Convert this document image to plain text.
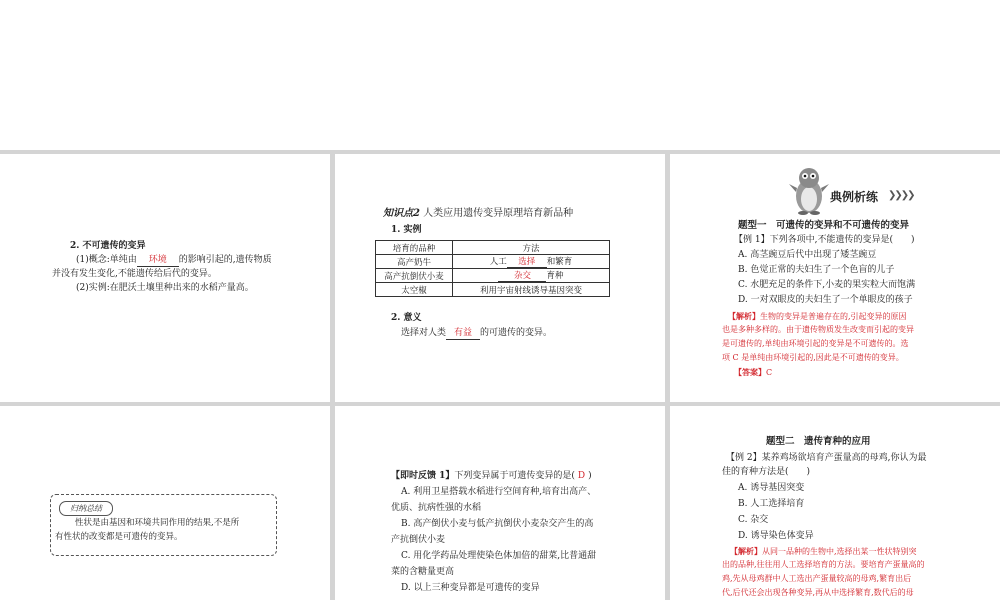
2. 不可遗传的变异
(1)概念:单纯由 环境 的影响引起的,遗传物质
并没有发生变化,不能遗传给后代的变异。
(2)实例:在肥沃土壤里种出来的水稻产量高。
知识点2 人类应用遗传变异原理培育新品种
1. 实例
培育的品种	方法
高产奶牛	人工 选择 和繁育
高产抗倒伏小麦	杂交 育种
太空椒	利用宇宙射线诱导基因突变
2. 意义
选择对人类 有益 的可遗传的变异。
典例析练 ❯❯❯❯
题型一　可遗传的变异和不可遗传的变异
【例 1】下列各项中,不能遗传的变异是(　　)
A. 高茎豌豆后代中出现了矮茎豌豆
B. 色觉正常的夫妇生了一个色盲的儿子
C. 水肥充足的条件下,小麦的果实粒大而饱满
D. 一对双眼皮的夫妇生了一个单眼皮的孩子
【解析】生物的变异是普遍存在的,引起变异的原因
也是多种多样的。由于遗传物质发生改变而引起的变异
是可遗传的,单纯由环境引起的变异是不可遗传的。选
项 C 是单纯由环境引起的,因此是不可遗传的变异。
【答案】C
归纳总结
性状是由基因和环境共同作用的结果,不是所
有性状的改变都是可遗传的变异。
【即时反馈 1】下列变异属于可遗传变异的是( D )
A. 利用卫星搭载水稻进行空间育种,培育出高产、
优质、抗病性强的水稻
B. 高产倒伏小麦与低产抗倒伏小麦杂交产生的高
产抗倒伏小麦
C. 用化学药品处理使染色体加倍的甜菜,比普通甜
菜的含糖量更高
D. 以上三种变异都是可遗传的变异
题型二　遗传育种的应用
【例 2】某养鸡场欲培育产蛋量高的母鸡,你认为最
佳的育种方法是(　　)
A. 诱导基因突变
B. 人工选择培育
C. 杂交
D. 诱导染色体变异
【解析】从同一品种的生物中,选择出某一性状特别突
出的品种,往往用人工选择培育的方法。要培育产蛋量高的
鸡,先从母鸡群中人工选出产蛋量较高的母鸡,繁育出后
代,后代还会出现各种变异,再从中选择繁育,数代后的母
